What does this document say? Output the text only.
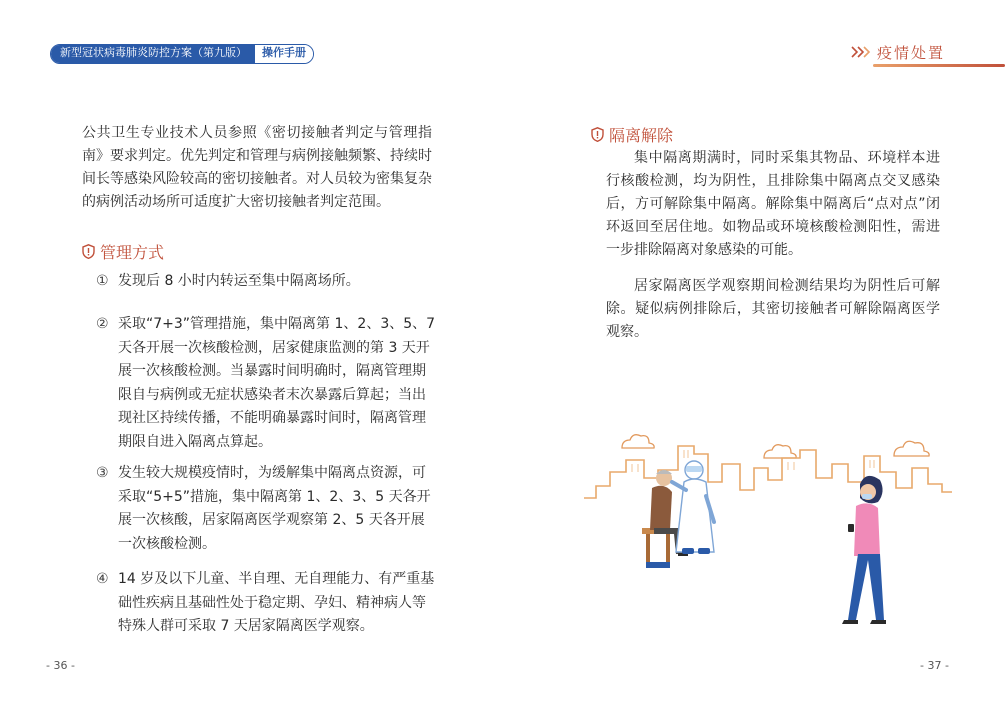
新型冠状病毒肺炎防控方案（第九版）	操作手册	疫情处置
公共卫生专业技术人员参照《密切接触者判定与管理指南》要求判定。优先判定和管理与病例接触频繁、持续时间长等感染风险较高的密切接触者。对人员较为密集复杂的病例活动场所可适度扩大密切接触者判定范围。
管理方式
① 发现后 8 小时内转运至集中隔离场所。
② 采取“7+3”管理措施，集中隔离第 1、2、3、5、7 天各开展一次核酸检测，居家健康监测的第 3 天开展一次核酸检测。当暴露时间明确时，隔离管理期限自与病例或无症状感染者末次暴露后算起；当出现社区持续传播，不能明确暴露时间时，隔离管理期限自进入隔离点算起。
③ 发生较大规模疫情时，为缓解集中隔离点资源，可采取“5+5”措施，集中隔离第 1、2、3、5 天各开展一次核酸，居家隔离医学观察第 2、5 天各开展一次核酸检测。
④ 14 岁及以下儿童、半自理、无自理能力、有严重基础性疾病且基础性处于稳定期、孕妇、精神病人等特殊人群可采取 7 天居家隔离医学观察。
- 36 -
隔离解除
集中隔离期满时，同时采集其物品、环境样本进行核酸检测，均为阴性，且排除集中隔离点交叉感染后，方可解除集中隔离。解除集中隔离后“点对点”闭环返回至居住地。如物品或环境核酸检测阳性，需进一步排除隔离对象感染的可能。
居家隔离医学观察期间检测结果均为阴性后可解除。疑似病例排除后，其密切接触者可解除隔离医学观察。
- 37 -
